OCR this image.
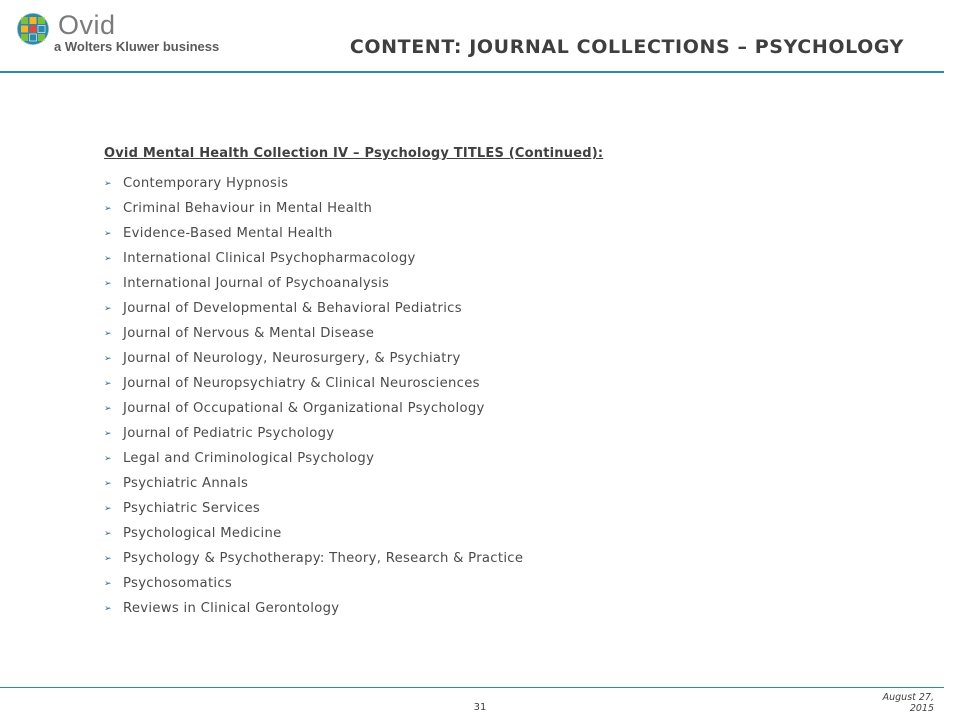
Ovid
a Wolters Kluwer business	CONTENT: JOURNAL COLLECTIONS – PSYCHOLOGY
Ovid Mental Health Collection IV – Psychology TITLES (Continued):
➢ Contemporary Hypnosis
➢ Criminal Behaviour in Mental Health
➢ Evidence-Based Mental Health
➢ International Clinical Psychopharmacology
➢ International Journal of Psychoanalysis
➢ Journal of Developmental & Behavioral Pediatrics
➢ Journal of Nervous & Mental Disease
➢ Journal of Neurology, Neurosurgery, & Psychiatry
➢ Journal of Neuropsychiatry & Clinical Neurosciences
➢ Journal of Occupational & Organizational Psychology
➢ Journal of Pediatric Psychology
➢ Legal and Criminological Psychology
➢ Psychiatric Annals
➢ Psychiatric Services
➢ Psychological Medicine
➢ Psychology & Psychotherapy: Theory, Research & Practice
➢ Psychosomatics
➢ Reviews in Clinical Gerontology
31
August 27,
2015
